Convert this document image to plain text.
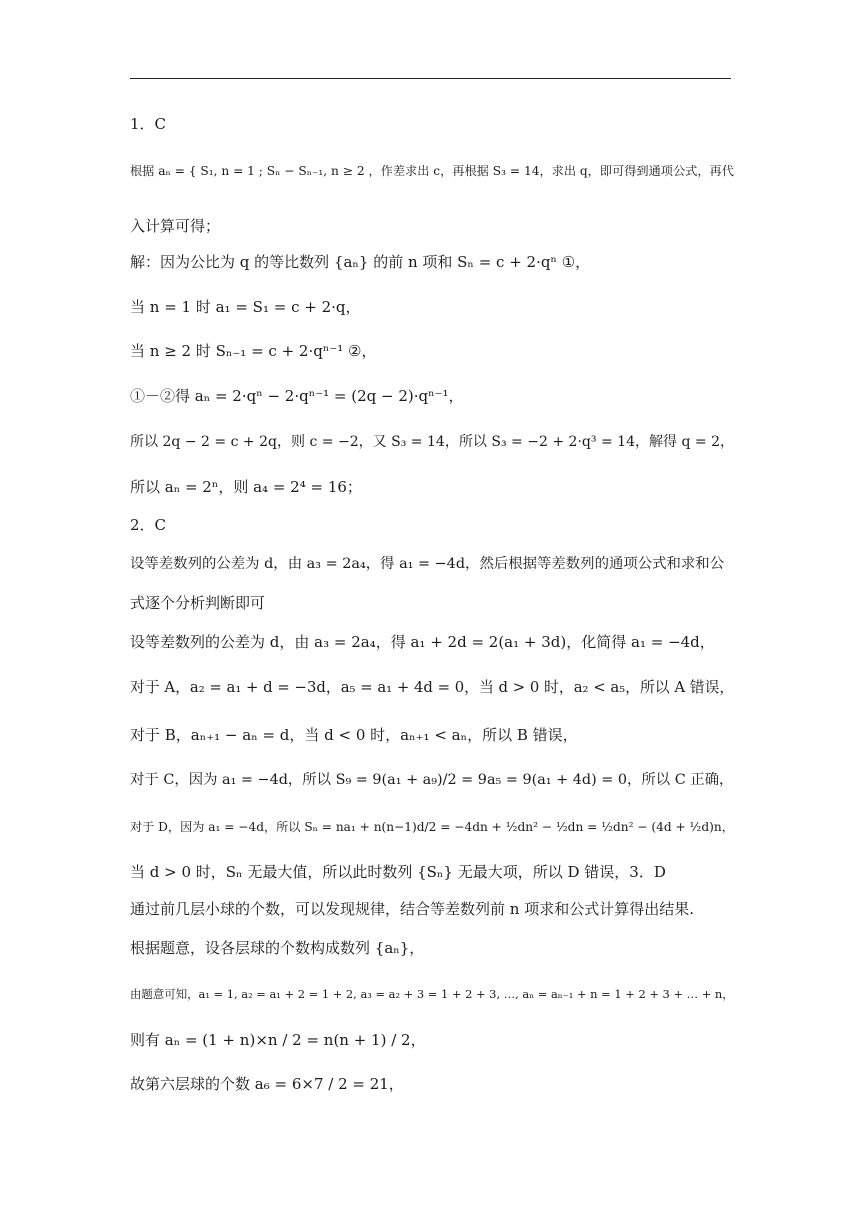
1．C
根据 aₙ = { S₁, n = 1 ; Sₙ − Sₙ₋₁, n ≥ 2 ，作差求出 c，再根据 S₃ = 14，求出 q，即可得到通项公式，再代
入计算可得；
解：因为公比为 q 的等比数列 {aₙ} 的前 n 项和 Sₙ = c + 2·qⁿ ①，
当 n = 1 时 a₁ = S₁ = c + 2·q，
当 n ≥ 2 时 Sₙ₋₁ = c + 2·qⁿ⁻¹ ②，
①－②得 aₙ = 2·qⁿ − 2·qⁿ⁻¹ = (2q − 2)·qⁿ⁻¹，
所以 2q − 2 = c + 2q，则 c = −2，又 S₃ = 14，所以 S₃ = −2 + 2·q³ = 14，解得 q = 2，
所以 aₙ = 2ⁿ，则 a₄ = 2⁴ = 16；
2．C
设等差数列的公差为 d，由 a₃ = 2a₄，得 a₁ = −4d，然后根据等差数列的通项公式和求和公
式逐个分析判断即可
设等差数列的公差为 d，由 a₃ = 2a₄，得 a₁ + 2d = 2(a₁ + 3d)，化简得 a₁ = −4d，
对于 A，a₂ = a₁ + d = −3d，a₅ = a₁ + 4d = 0，当 d > 0 时，a₂ < a₅，所以 A 错误，
对于 B，aₙ₊₁ − aₙ = d，当 d < 0 时，aₙ₊₁ < aₙ，所以 B 错误，
对于 C，因为 a₁ = −4d，所以 S₉ = 9(a₁ + a₉)/2 = 9a₅ = 9(a₁ + 4d) = 0，所以 C 正确，
对于 D，因为 a₁ = −4d，所以 Sₙ = na₁ + n(n−1)d/2 = −4dn + ½dn² − ½dn = ½dn² − (4d + ½d)n，
当 d > 0 时，Sₙ 无最大值，所以此时数列 {Sₙ} 无最大项，所以 D 错误，3．D
通过前几层小球的个数，可以发现规律，结合等差数列前 n 项求和公式计算得出结果.
根据题意，设各层球的个数构成数列 {aₙ}，
由题意可知，a₁ = 1, a₂ = a₁ + 2 = 1 + 2, a₃ = a₂ + 3 = 1 + 2 + 3, …, aₙ = aₙ₋₁ + n = 1 + 2 + 3 + … + n，
则有 aₙ = (1 + n)×n / 2 = n(n + 1) / 2，
故第六层球的个数 a₆ = 6×7 / 2 = 21，
